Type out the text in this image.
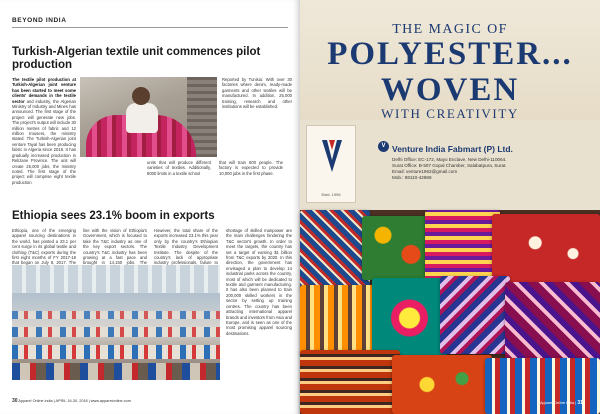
BEYOND INDIA
Turkish-Algerian textile unit commences pilot production
The textile pilot production at Turkish-Algerian joint venture has been started to meet some clients' demands in the textile sector and industry, the Algerian Ministry of Industry and Mines has announced. The first stage of the project will generate new jobs. The project's output will include 30 million metres of fabric and 12 million trousers, the ministry stated. The Turkish-Algerian joint venture Tayal has been producing fabric in Algeria since 2018. It has gradually increased production in Relizane Province. The unit will create 25,000 jobs, the ministry noted. The first stage of the project will comprise eight textile production
units that will produce different varieties of textiles. Additionally, 8000 limits in a textile school
that will train 600 people. The factory is expected to provide 10,000 jobs in the first phase.
Reported by Tunisia: With over 30 factories where denim, ready-made garments and other textiles will be manufactured. In addition, 25,000 training, research and other institutions will be established.
Ethiopia sees 23.1% boom in exports
Ethiopia, one of the emerging apparel sourcing destinations in the world, has posted a 23.1 per cent surge in its global textile and clothing (T&C) exports during the first eight months of FY 2017-18 that began on July 8, 2017. The
line with the vision of Ethiopia's Government, which is focused to take the T&C industry as one of the key export sectors. The country's T&C industry has been growing at a fast pace and brought in 14,150 jobs. The
However, the total share of the exports increased 23.1% this year only by the country's Ethiopian Textile Industry Development Institute. The despite of the country's lack of appropriate industry professionals, failure to
shortage of skilled manpower are the main challenges hindering the T&C sector's growth. In order to meet the targets, the country has set a target of earning $1 billion from T&C exports by 2020. In this direction, the government has envisaged a plan to develop 14 industrial parks across the country, most of which will be dedicated to textile and garment manufacturing. It has also been planned to train 200,000 skilled workers in the sector by setting up training centres. The country has been attracting international apparel brands and investors from Asia and Europe, and is seen as one of the most promising apparel sourcing destinations.
30 Apparel Online india | APRIL 16-30, 2018 | www.apparelonline.com
THE MAGIC OF
POLYESTER...
WOVEN
WITH CREATIVITY
Estd. 1996
V Venture India Fabmart (P) Ltd.
Delhi Office: EC-172, Mayo Enclave, New Delhi-110064.
Surat Office: B-507 Gopal Chamber, Salabatpura, Surat.
Email: venture1963@gmail.com
Mob.: 98110-42868
Apparel Online india | 31
